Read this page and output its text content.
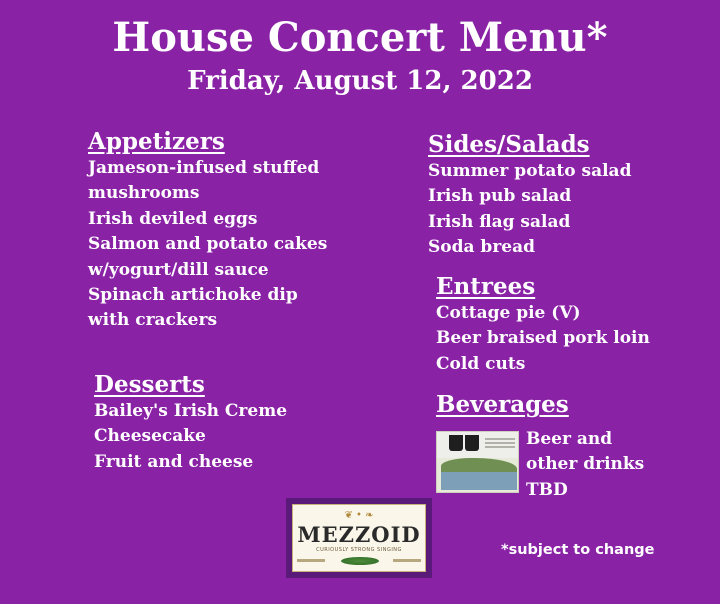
House Concert Menu*
Friday, August 12, 2022
Appetizers
Jameson-infused stuffed
mushrooms
Irish deviled eggs
Salmon and potato cakes
w/yogurt/dill sauce
Spinach artichoke dip
with crackers
Desserts
Bailey's Irish Creme
Cheesecake
Fruit and cheese
Sides/Salads
Summer potato salad
Irish pub salad
Irish flag salad
Soda bread
Entrees
Cottage pie (V)
Beer braised pork loin
Cold cuts
Beverages
Beer and
other drinks
TBD
❦ • ❧
MEZZOID
CURIOUSLY STRONG SINGING	*subject to change
